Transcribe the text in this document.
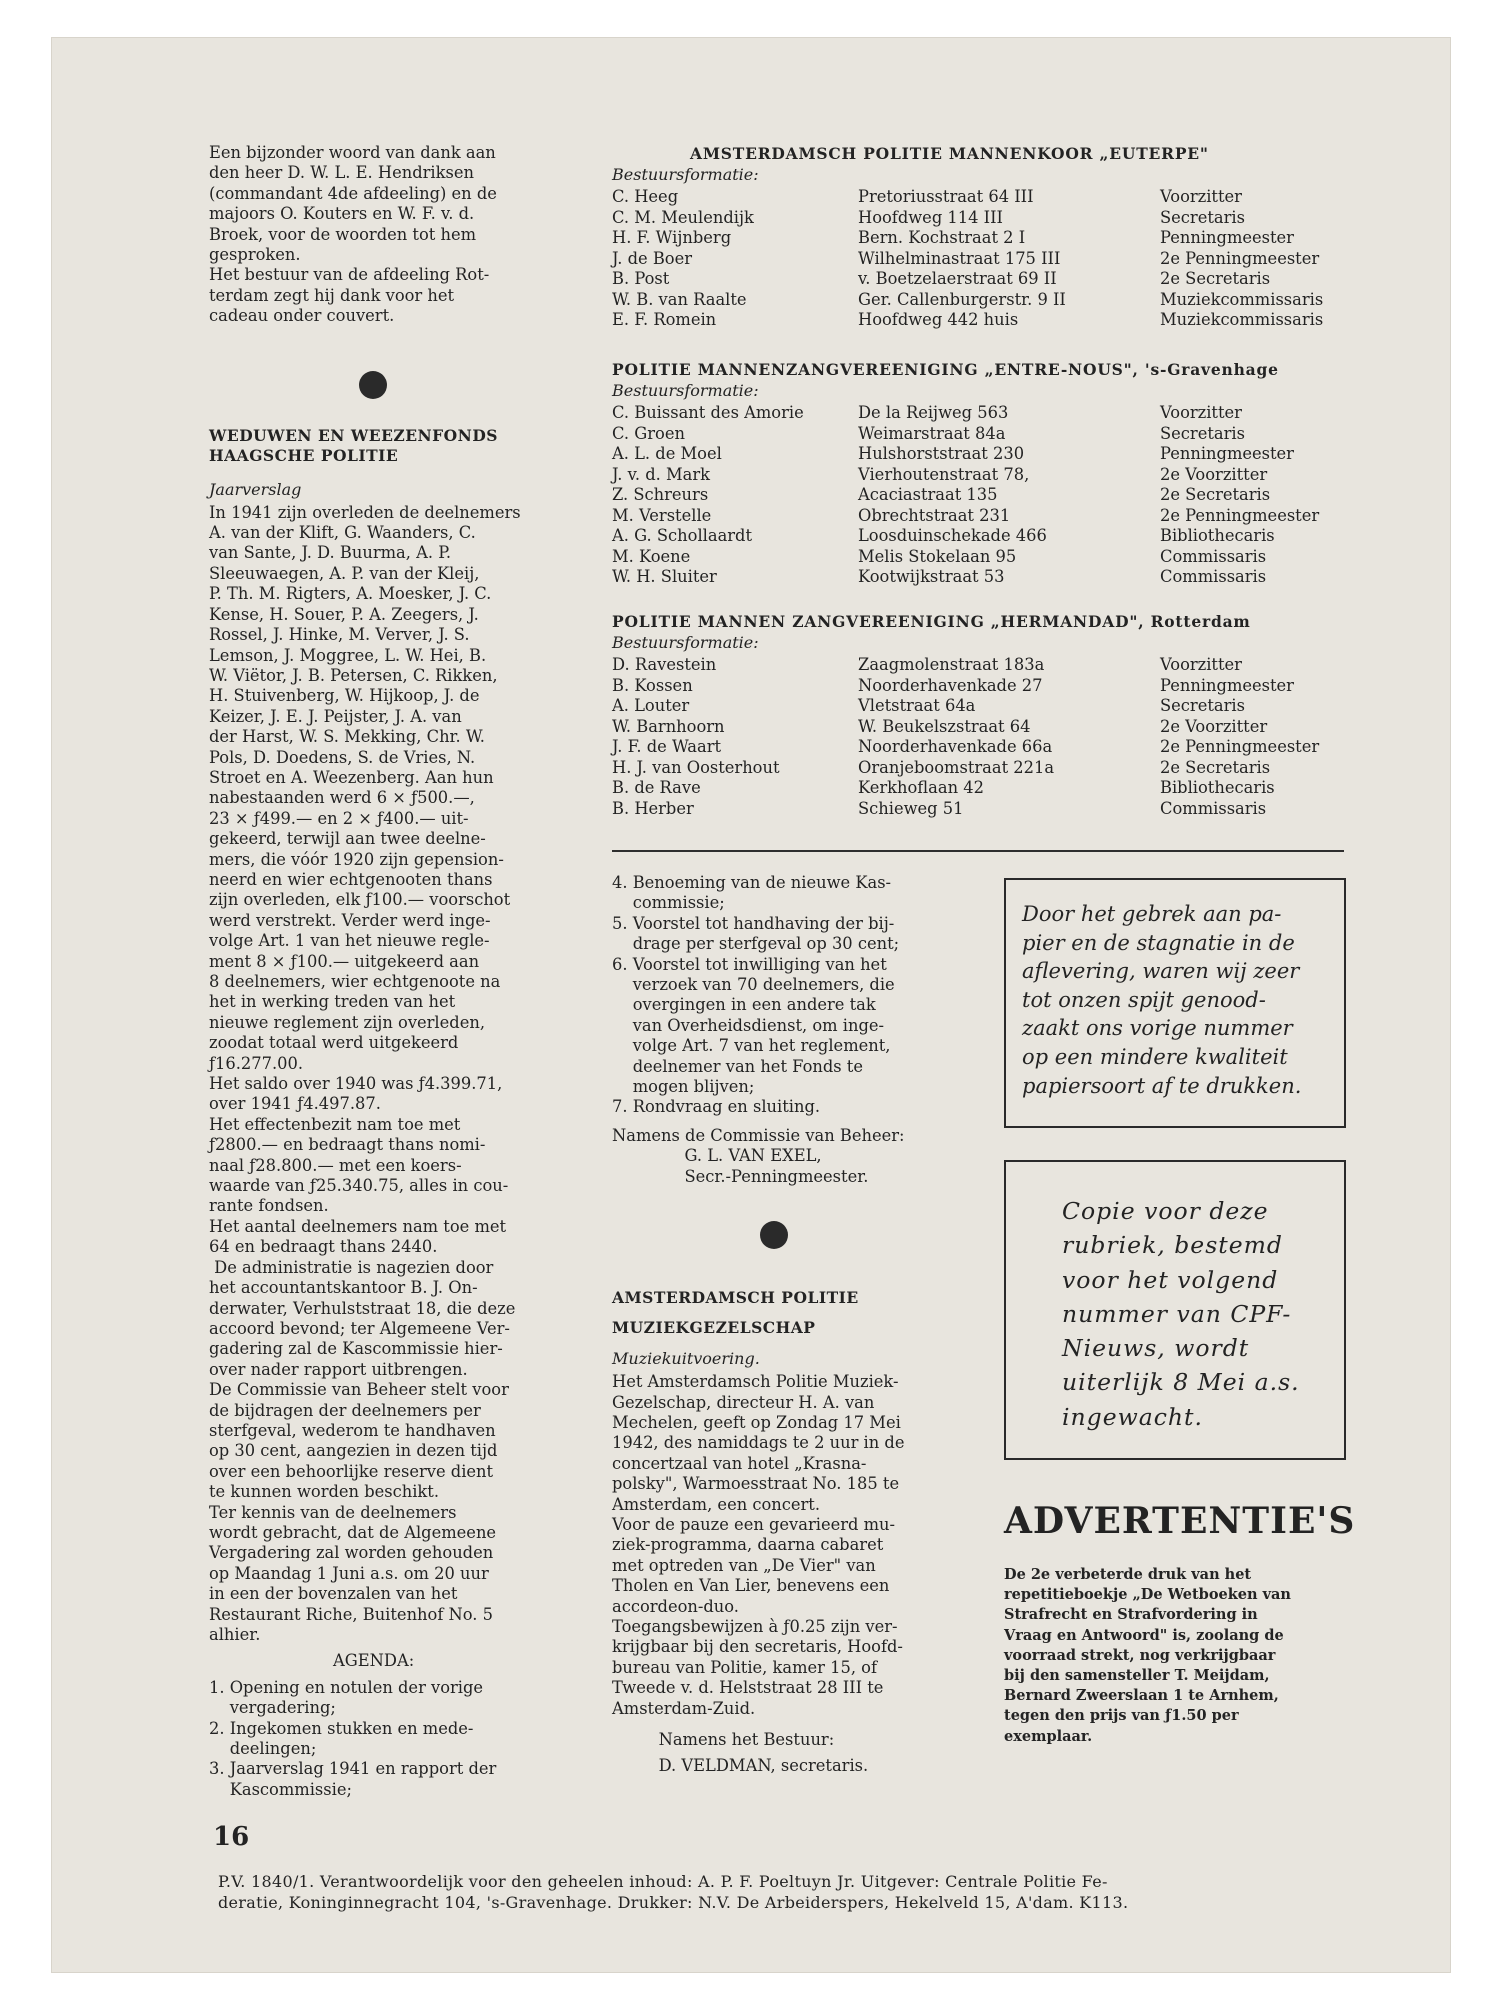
Een bijzonder woord van dank aan
den heer D. W. L. E. Hendriksen
(commandant 4de afdeeling) en de
majoors O. Kouters en W. F. v. d.
Broek, voor de woorden tot hem
gesproken.
Het bestuur van de afdeeling Rot-
terdam zegt hij dank voor het
cadeau onder couvert.

WEDUWEN EN WEEZENFONDS HAAGSCHE POLITIE

Jaarverslag

In 1941 zijn overleden de deelnemers
A. van der Klift, G. Waanders, C.
van Sante, J. D. Buurma, A. P.
Sleeuwaegen, A. P. van der Kleij,
P. Th. M. Rigters, A. Moesker, J. C.
Kense, H. Souer, P. A. Zeegers, J.
Rossel, J. Hinke, M. Verver, J. S.
Lemson, J. Moggree, L. W. Hei, B.
W. Viëtor, J. B. Petersen, C. Rikken,
H. Stuivenberg, W. Hijkoop, J. de
Keizer, J. E. J. Peijster, J. A. van
der Harst, W. S. Mekking, Chr. W.
Pols, D. Doedens, S. de Vries, N.
Stroet en A. Weezenberg. Aan hun
nabestaanden werd 6 × ƒ500.—,
23 × ƒ499.— en 2 × ƒ400.— uit-
gekeerd, terwijl aan twee deelne-
mers, die vóór 1920 zijn gepension-
neerd en wier echtgenooten thans
zijn overleden, elk ƒ100.— voorschot
werd verstrekt. Verder werd inge-
volge Art. 1 van het nieuwe regle-
ment 8 × ƒ100.— uitgekeerd aan
8 deelnemers, wier echtgenoote na
het in werking treden van het
nieuwe reglement zijn overleden,
zoodat totaal werd uitgekeerd
ƒ16.277.00.
Het saldo over 1940 was ƒ4.399.71,
over 1941 ƒ4.497.87.
Het effectenbezit nam toe met
ƒ2800.— en bedraagt thans nomi-
naal ƒ28.800.— met een koers-
waarde van ƒ25.340.75, alles in cou-
rante fondsen.
Het aantal deelnemers nam toe met
64 en bedraagt thans 2440.
De administratie is nagezien door
het accountantskantoor B. J. On-
derwater, Verhulststraat 18, die deze
accoord bevond; ter Algemeene Ver-
gadering zal de Kascommissie hier-
over nader rapport uitbrengen.
De Commissie van Beheer stelt voor
de bijdragen der deelnemers per
sterfgeval, wederom te handhaven
op 30 cent, aangezien in dezen tijd
over een behoorlijke reserve dient
te kunnen worden beschikt.
Ter kennis van de deelnemers
wordt gebracht, dat de Algemeene
Vergadering zal worden gehouden
op Maandag 1 Juni a.s. om 20 uur
in een der bovenzalen van het
Restaurant Riche, Buitenhof No. 5
alhier.

AGENDA:

1. Opening en notulen der vorige
vergadering;
2. Ingekomen stukken en mede-
deelingen;
3. Jaarverslag 1941 en rapport der
Kascommissie;

AMSTERDAMSCH POLITIE MANNENKOOR „EUTERPE"

Bestuursformatie:

C. Heeg	Pretoriusstraat 64 III	Voorzitter
C. M. Meulendijk	Hoofdweg 114 III	Secretaris
H. F. Wijnberg	Bern. Kochstraat 2 I	Penningmeester
J. de Boer	Wilhelminastraat 175 III	2e Penningmeester
B. Post	v. Boetzelaerstraat 69 II	2e Secretaris
W. B. van Raalte	Ger. Callenburgerstr. 9 II	Muziekcommissaris
E. F. Romein	Hoofdweg 442 huis	Muziekcommissaris

POLITIE MANNENZANGVEREENIGING „ENTRE-NOUS", 's-Gravenhage

Bestuursformatie:

C. Buissant des Amorie	De la Reijweg 563	Voorzitter
C. Groen	Weimarstraat 84a	Secretaris
A. L. de Moel	Hulshorststraat 230	Penningmeester
J. v. d. Mark	Vierhoutenstraat 78,	2e Voorzitter
Z. Schreurs	Acaciastraat 135	2e Secretaris
M. Verstelle	Obrechtstraat 231	2e Penningmeester
A. G. Schollaardt	Loosduinschekade 466	Bibliothecaris
M. Koene	Melis Stokelaan 95	Commissaris
W. H. Sluiter	Kootwijkstraat 53	Commissaris

POLITIE MANNEN ZANGVEREENIGING „HERMANDAD", Rotterdam

Bestuursformatie:

D. Ravestein	Zaagmolenstraat 183a	Voorzitter
B. Kossen	Noorderhavenkade 27	Penningmeester
A. Louter	Vletstraat 64a	Secretaris
W. Barnhoorn	W. Beukelszstraat 64	2e Voorzitter
J. F. de Waart	Noorderhavenkade 66a	2e Penningmeester
H. J. van Oosterhout	Oranjeboomstraat 221a	2e Secretaris
B. de Rave	Kerkhoflaan 42	Bibliothecaris
B. Herber	Schieweg 51	Commissaris

4. Benoeming van de nieuwe Kas-
commissie;
5. Voorstel tot handhaving der bij-
drage per sterfgeval op 30 cent;
6. Voorstel tot inwilliging van het
verzoek van 70 deelnemers, die
overgingen in een andere tak
van Overheidsdienst, om inge-
volge Art. 7 van het reglement,
deelnemer van het Fonds te
mogen blijven;
7. Rondvraag en sluiting.

Namens de Commissie van Beheer:
G. L. VAN EXEL,
Secr.-Penningmeester.

AMSTERDAMSCH POLITIE MUZIEKGEZELSCHAP

Muziekuitvoering.

Het Amsterdamsch Politie Muziek-
Gezelschap, directeur H. A. van
Mechelen, geeft op Zondag 17 Mei
1942, des namiddags te 2 uur in de
concertzaal van hotel „Krasna-
polsky", Warmoesstraat No. 185 te
Amsterdam, een concert.
Voor de pauze een gevarieerd mu-
ziek-programma, daarna cabaret
met optreden van „De Vier" van
Tholen en Van Lier, benevens een
accordeon-duo.
Toegangsbewijzen à ƒ0.25 zijn ver-
krijgbaar bij den secretaris, Hoofd-
bureau van Politie, kamer 15, of
Tweede v. d. Helststraat 28 III te
Amsterdam-Zuid.

Namens het Bestuur:
D. VELDMAN, secretaris.

Door het gebrek aan pa-
pier en de stagnatie in de
aflevering, waren wij zeer
tot onzen spijt genood-
zaakt ons vorige nummer
op een mindere kwaliteit
papiersoort af te drukken.

Copie voor deze
rubriek, bestemd
voor het volgend
nummer van CPF-
Nieuws, wordt
uiterlijk 8 Mei a.s.
ingewacht.

ADVERTENTIE'S

De 2e verbeterde druk van het
repetitieboekje „De Wetboeken van
Strafrecht en Strafvordering in
Vraag en Antwoord" is, zoolang de
voorraad strekt, nog verkrijgbaar
bij den samensteller T. Meijdam,
Bernard Zweerslaan 1 te Arnhem,
tegen den prijs van ƒ1.50 per
exemplaar.

16

P.V. 1840/1. Verantwoordelijk voor den geheelen inhoud: A. P. F. Poeltuyn Jr. Uitgever: Centrale Politie Fe-
deratie, Koninginnegracht 104, 's-Gravenhage. Drukker: N.V. De Arbeiderspers, Hekelveld 15, A'dam. K113.
